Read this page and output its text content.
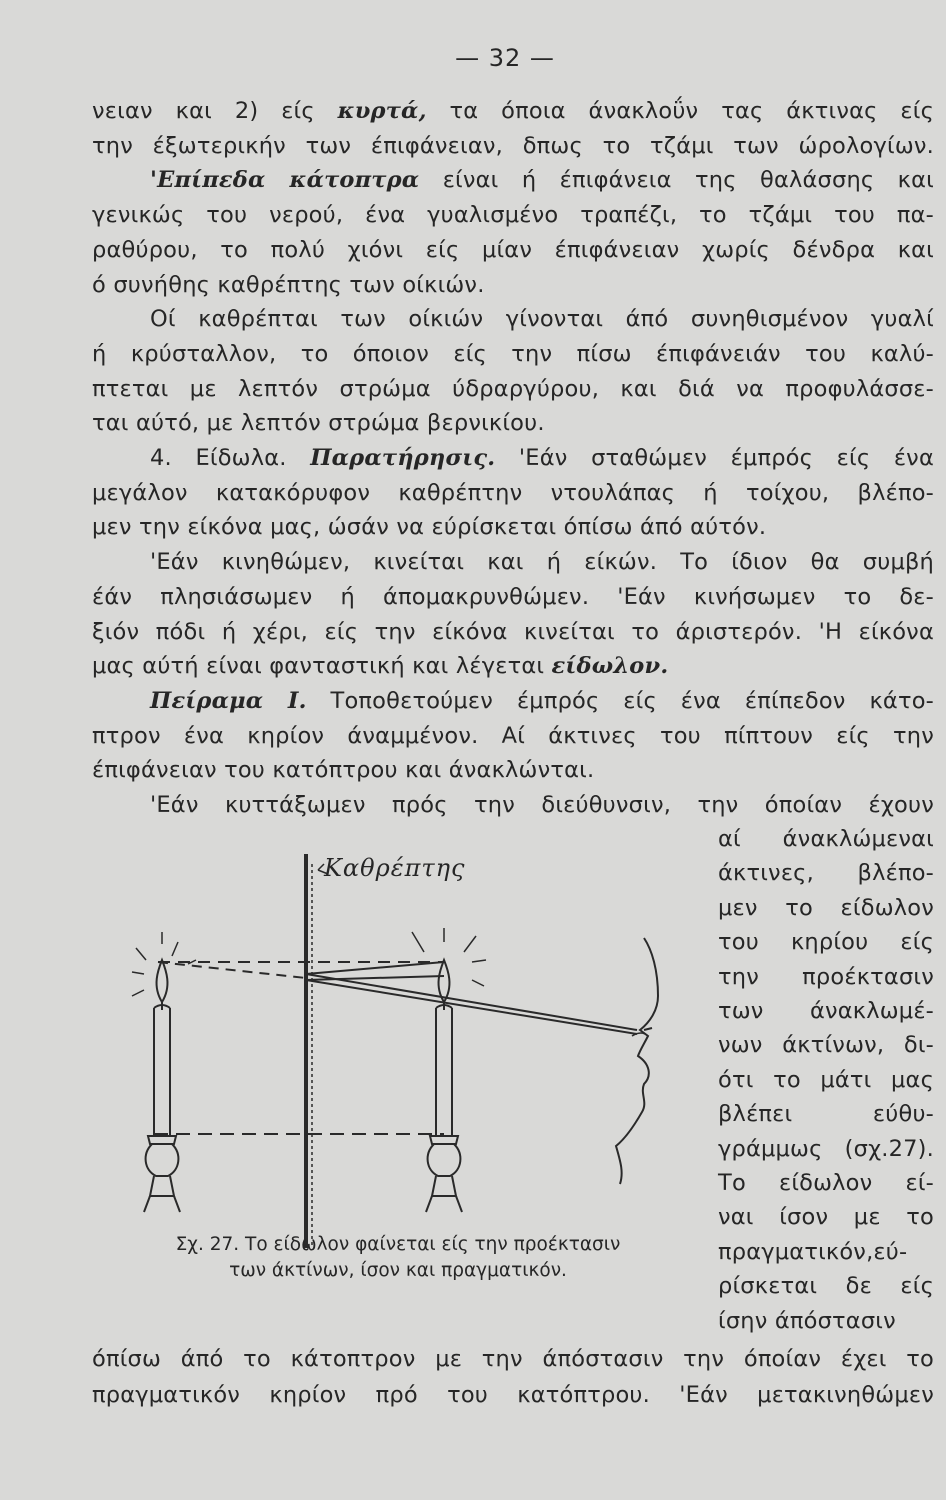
— 32 —
νειαν και 2) είς κυρτά, τα όποια άνακλοΰν τας άκτινας είς
την έξωτερικήν των έπιφάνειαν, δπως το τζάμι των ώρολογίων.
'Επίπεδα κάτοπτρα είναι ή έπιφάνεια της θαλάσσης και
γενικώς του νερού, ένα γυαλισμένο τραπέζι, το τζάμι του πα-
ραθύρου, το πολύ χιόνι είς μίαν έπιφάνειαν χωρίς δένδρα και
ό συνήθης καθρέπτης των οίκιών.
Οί καθρέπται των οίκιών γίνονται άπό συνηθισμένον γυαλί
ή κρύσταλλον, το όποιον είς την πίσω έπιφάνειάν του καλύ-
πτεται με λεπτόν στρώμα ύδραργύρου, και διά να προφυλάσσε-
ται αύτό, με λεπτόν στρώμα βερνικίου.
4. Είδωλα. Παρατήρησις. 'Εάν σταθώμεν έμπρός είς ένα
μεγάλον κατακόρυφον καθρέπτην ντουλάπας ή τοίχου, βλέπο-
μεν την είκόνα μας, ώσάν να εύρίσκεται όπίσω άπό αύτόν.
'Εάν κινηθώμεν, κινείται και ή είκών. Το ίδιον θα συμβή
έάν πλησιάσωμεν ή άπομακρυνθώμεν. 'Εάν κινήσωμεν το δε-
ξιόν πόδι ή χέρι, είς την είκόνα κινείται το άριστερόν. 'Η είκόνα
μας αύτή είναι φανταστική και λέγεται είδωλον.
Πείραμα Ι. Τοποθετούμεν έμπρός είς ένα έπίπεδον κάτο-
πτρον ένα κηρίον άναμμένον. Αί άκτινες του πίπτουν είς την
έπιφάνειαν του κατόπτρου και άνακλώνται.
'Εάν κυττάξωμεν πρός την διεύθυνσιν, την όποίαν έχουν
αί άνακλώμεναι
άκτινες, βλέπο-
μεν το είδωλον
του κηρίου είς
την προέκτασιν
των άνακλωμέ-
νων άκτίνων, δι-
ότι το μάτι μας
βλέπει εύθυ-
γράμμως (σχ.27).
Το είδωλον εί-
ναι ίσον με το
πραγματικόν,εύ-
ρίσκεται δε είς
ίσην άπόστασιν
Καθρέπτης
Σχ. 27. Το είδωλον φαίνεται είς την προέκτασιν
των άκτίνων, ίσον και πραγματικόν.
όπίσω άπό το κάτοπτρον με την άπόστασιν την όποίαν έχει το
πραγματικόν κηρίον πρό του κατόπτρου. 'Εάν μετακινηθώμεν
